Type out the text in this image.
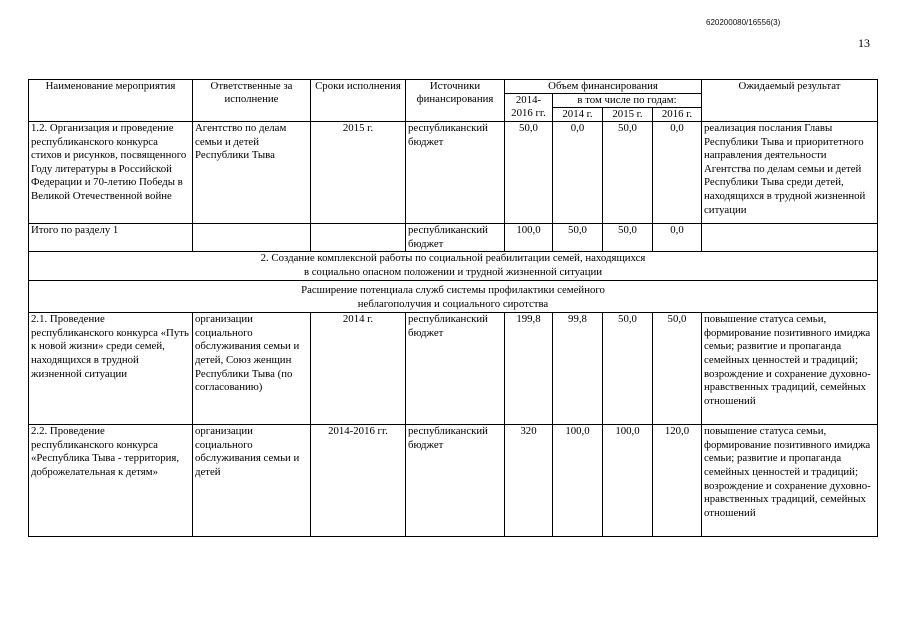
620200080/16556(3)
13
Наименование мероприятия	Ответственные за исполнение	Сроки исполнения	Источники финансирования	Объем финансирования				Ожидаемый результат
				2014-2016 гг.	в том числе по годам:			
					2014 г.	2015 г.	2016 г.	
1.2. Организация и проведение республиканского конкурса стихов и рисунков, посвященного Году литературы в Российской Федерации и 70-летию Победы в Великой Отечественной войне	Агентство по делам семьи и детей Республики Тыва	2015 г.	республиканский бюджет	50,0	0,0	50,0	0,0	реализация послания Главы Республики Тыва и приоритетного направления деятельности Агентства по делам семьи и детей Республики Тыва среди детей, находящихся в трудной жизненной ситуации
Итого по разделу 1			республиканский бюджет	100,0	50,0	50,0	0,0	

2. Создание комплексной работы по социальной реабилитации семей, находящихся
в социально опасном положении и трудной жизненной ситуации								

Расширение потенциала служб системы профилактики семейного
неблагополучия и социального сиротства								

2.1. Проведение республиканского конкурса «Путь к новой жизни» среди семей, находящихся в трудной жизненной ситуации	организации социального обслуживания семьи и детей, Союз женщин Республики Тыва (по согласованию)	2014 г.	республиканский бюджет	199,8	99,8	50,0	50,0	повышение статуса семьи, формирование позитивного имиджа семьи; развитие и пропаганда семейных ценностей и традиций; возрождение и сохранение духовно-нравственных традиций, семейных отношений
2.2. Проведение республиканского конкурса «Республика Тыва - территория, доброжелательная к детям»	организации социального обслуживания семьи и детей	2014-2016 гг.	республиканский бюджет	320	100,0	100,0	120,0	повышение статуса семьи, формирование позитивного имиджа семьи; развитие и пропаганда семейных ценностей и традиций; возрождение и сохранение духовно-нравственных традиций, семейных отношений
